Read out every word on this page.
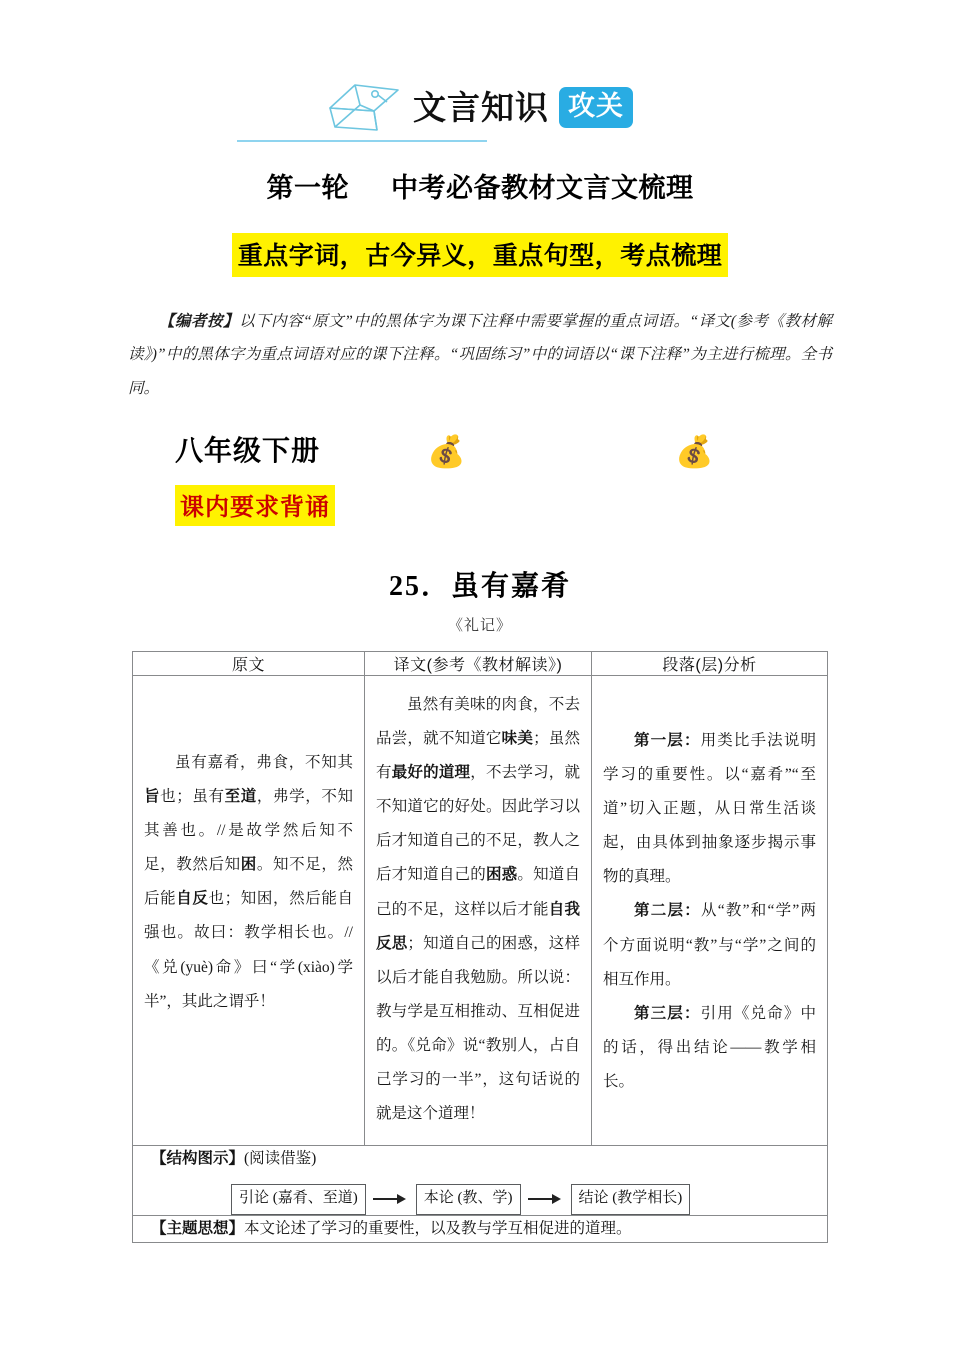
文言知识 攻关
第一轮 中考必备教材文言文梳理
重点字词，古今异义，重点句型，考点梳理
【编者按】以下内容“原文”中的黑体字为课下注释中需要掌握的重点词语。“译文(参考《教材解读》)”中的黑体字为重点词语对应的课下注释。“巩固练习”中的词语以“课下注释”为主进行梳理。全书同。
八年级下册	💰	💰
课内要求背诵
25．虽有嘉肴
《礼记》
原文	译文(参考《教材解读》)	段落(层)分析

虽有嘉肴，弗食，不知其旨也；虽有至道，弗学，不知其善也。//是故学然后知不足，教然后知困。知不足，然后能自反也；知困，然后能自强也。故曰：教学相长也。//《兑(yuè)命》曰“学(xiào)学半”，其此之谓乎！	虽然有美味的肉食，不去品尝，就不知道它味美；虽然有最好的道理，不去学习，就不知道它的好处。因此学习以后才知道自己的不足，教人之后才知道自己的困惑。知道自己的不足，这样以后才能自我反思；知道自己的困惑，这样以后才能自我勉励。所以说：教与学是互相推动、互相促进的。《兑命》说“教别人，占自己学习的一半”，这句话说的就是这个道理！	第一层：用类比手法说明学习的重要性。以“嘉肴”“至道”切入正题，从日常生活谈起，由具体到抽象逐步揭示事物的真理。

第二层：从“教”和“学”两个方面说明“教”与“学”之间的相互作用。

第三层：引用《兑命》中的话，得出结论——教学相长。

【结构图示】(阅读借鉴)
引论 (嘉肴、至道) 本论 (教、学) 结论 (教学相长)		

【主题思想】本文论述了学习的重要性，以及教与学互相促进的道理。		
